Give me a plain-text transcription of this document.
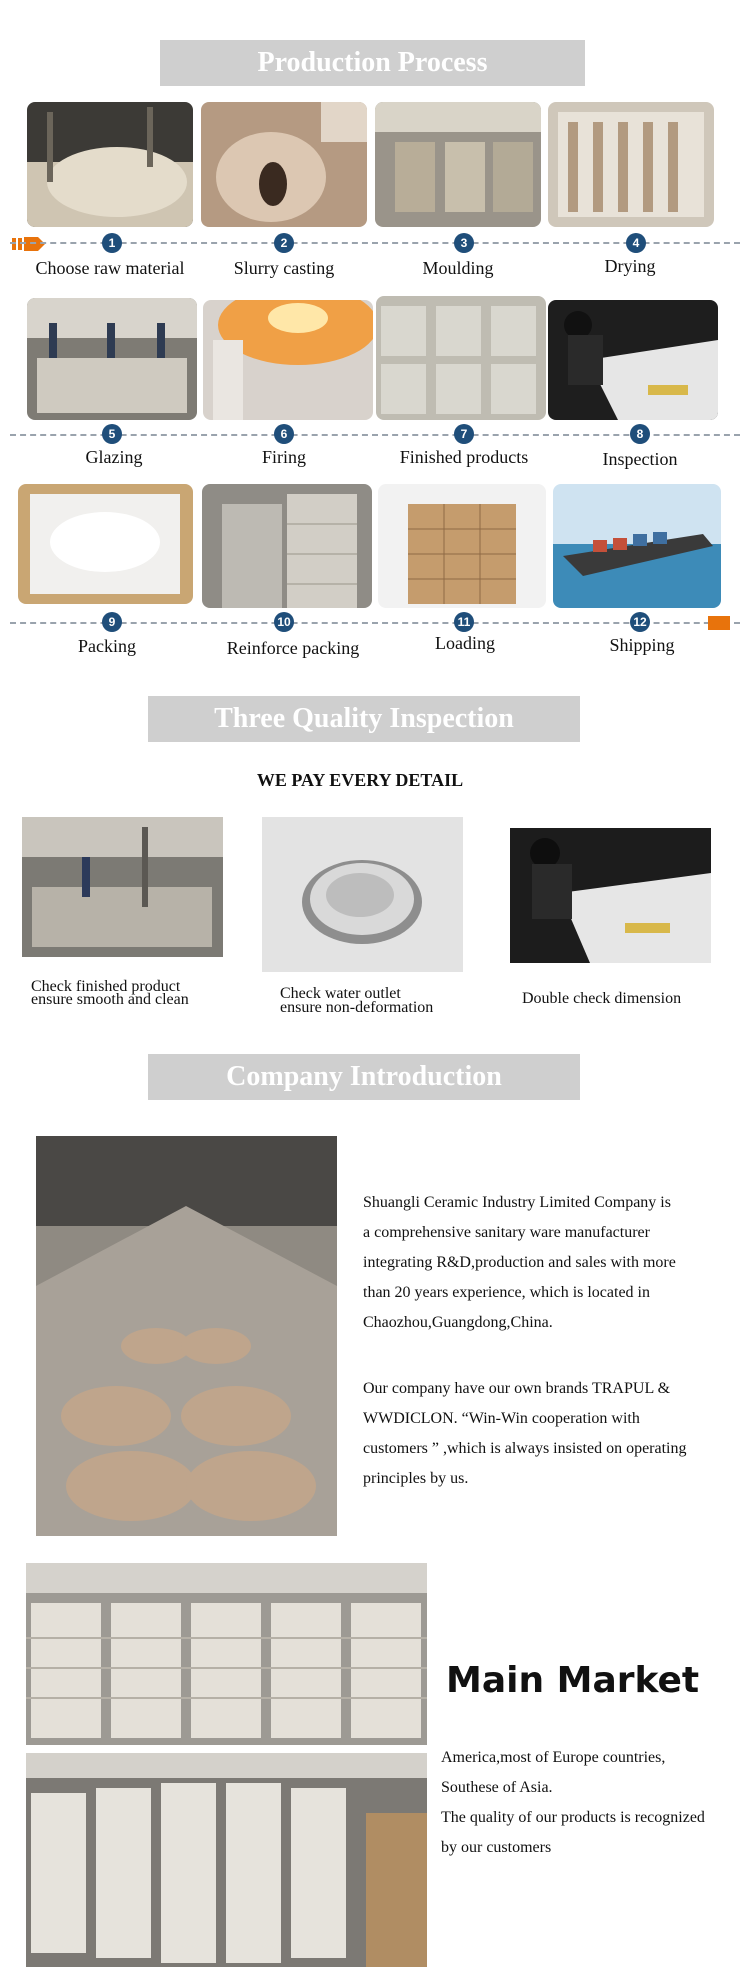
Production Process
1	2	3	4
Choose raw material	Slurry casting	Moulding	Drying
5	6	7	8
Glazing	Firing	Finished products	Inspection
9	10	11	12
Packing	Reinforce packing	Loading	Shipping
Three Quality Inspection
WE PAY EVERY DETAIL
Check finished product
ensure smooth and clean	Check water outlet
ensure non-deformation
Double check dimension
Company Introduction
Shuangli Ceramic Industry Limited Company is
a comprehensive sanitary ware manufacturer
integrating R&D,production and sales with more
than 20 years experience, which is located in
Chaozhou,Guangdong,China.
Our company have our own brands TRAPUL &
WWDICLON. “Win-Win cooperation with
customers ” ,which is always insisted on operating
principles by us.
Main Market
America,most of Europe countries,
Southese of Asia.
The quality of our products is recognized
by our customers
